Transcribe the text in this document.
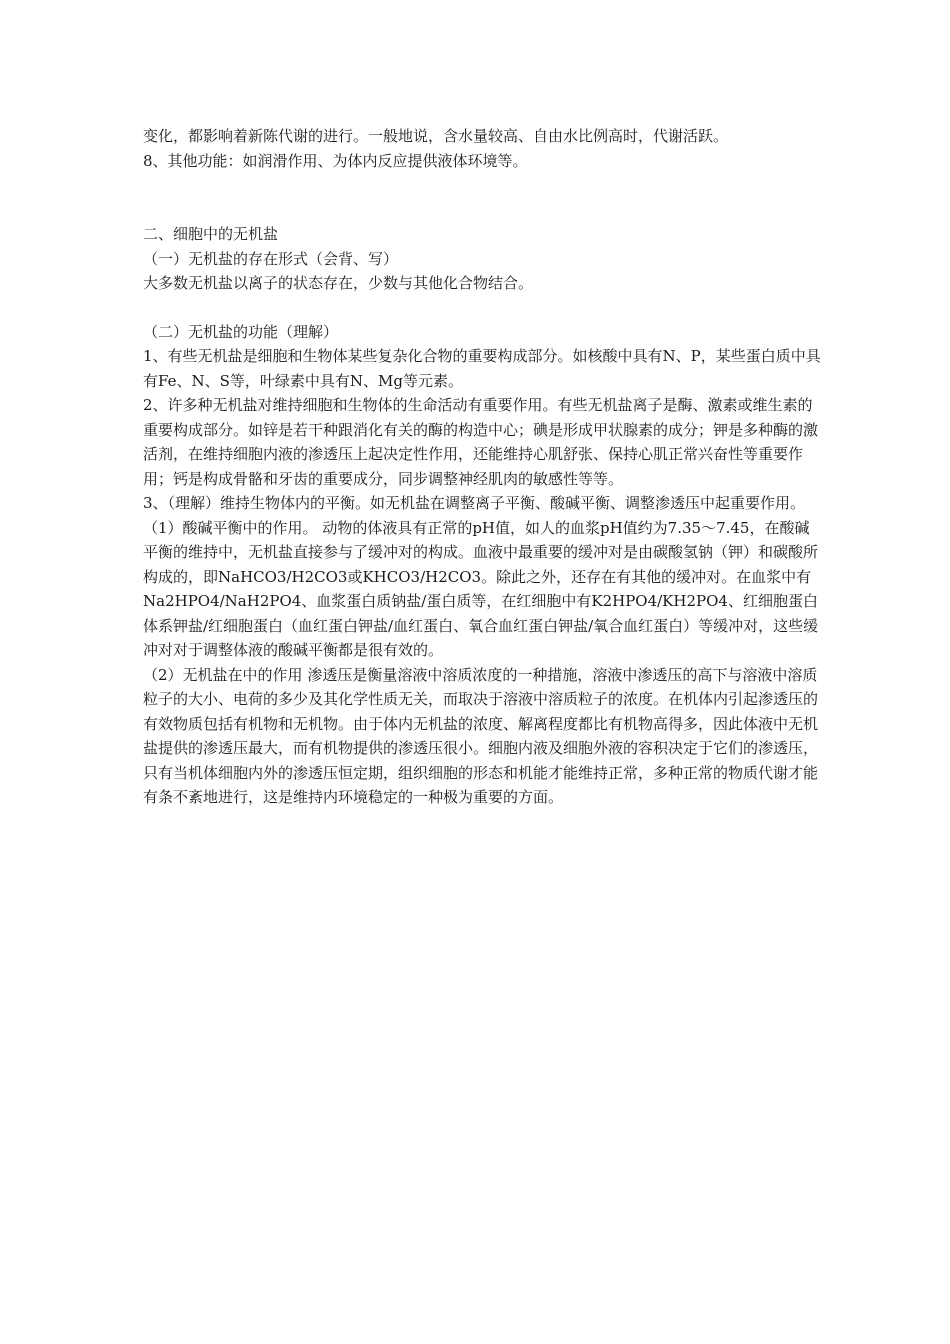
变化，都影响着新陈代谢的进行。一般地说，含水量较高、自由水比例高时，代谢活跃。

8、其他功能：如润滑作用、为体内反应提供液体环境等。

二、细胞中的无机盐

（一）无机盐的存在形式（会背、写）

大多数无机盐以离子的状态存在，少数与其他化合物结合。

（二）无机盐的功能（理解）

1、有些无机盐是细胞和生物体某些复杂化合物的重要构成部分。如核酸中具有N、P，某些蛋白质中具有Fe、N、S等，叶绿素中具有N、Mg等元素。

2、许多种无机盐对维持细胞和生物体的生命活动有重要作用。有些无机盐离子是酶、激素或维生素的重要构成部分。如锌是若干种跟消化有关的酶的构造中心；碘是形成甲状腺素的成分；钾是多种酶的激活剂，在维持细胞内液的渗透压上起决定性作用，还能维持心肌舒张、保持心肌正常兴奋性等重要作用；钙是构成骨骼和牙齿的重要成分，同步调整神经肌肉的敏感性等等。

3、（理解）维持生物体内的平衡。如无机盐在调整离子平衡、酸碱平衡、调整渗透压中起重要作用。

（1）酸碱平衡中的作用。 动物的体液具有正常的pH值，如人的血浆pH值约为7.35～7.45，在酸碱平衡的维持中，无机盐直接参与了缓冲对的构成。血液中最重要的缓冲对是由碳酸氢钠（钾）和碳酸所构成的，即NaHCO3/H2CO3或KHCO3/H2CO3。除此之外，还存在有其他的缓冲对。在血浆中有Na2HPO4/NaH2PO4、血浆蛋白质钠盐/蛋白质等，在红细胞中有K2HPO4/KH2PO4、红细胞蛋白体系钾盐/红细胞蛋白（血红蛋白钾盐/血红蛋白、氧合血红蛋白钾盐/氧合血红蛋白）等缓冲对，这些缓冲对对于调整体液的酸碱平衡都是很有效的。

（2）无机盐在中的作用 渗透压是衡量溶液中溶质浓度的一种措施，溶液中渗透压的高下与溶液中溶质粒子的大小、电荷的多少及其化学性质无关，而取决于溶液中溶质粒子的浓度。在机体内引起渗透压的有效物质包括有机物和无机物。由于体内无机盐的浓度、解离程度都比有机物高得多，因此体液中无机盐提供的渗透压最大，而有机物提供的渗透压很小。细胞内液及细胞外液的容积决定于它们的渗透压，只有当机体细胞内外的渗透压恒定期，组织细胞的形态和机能才能维持正常，多种正常的物质代谢才能有条不紊地进行，这是维持内环境稳定的一种极为重要的方面。
